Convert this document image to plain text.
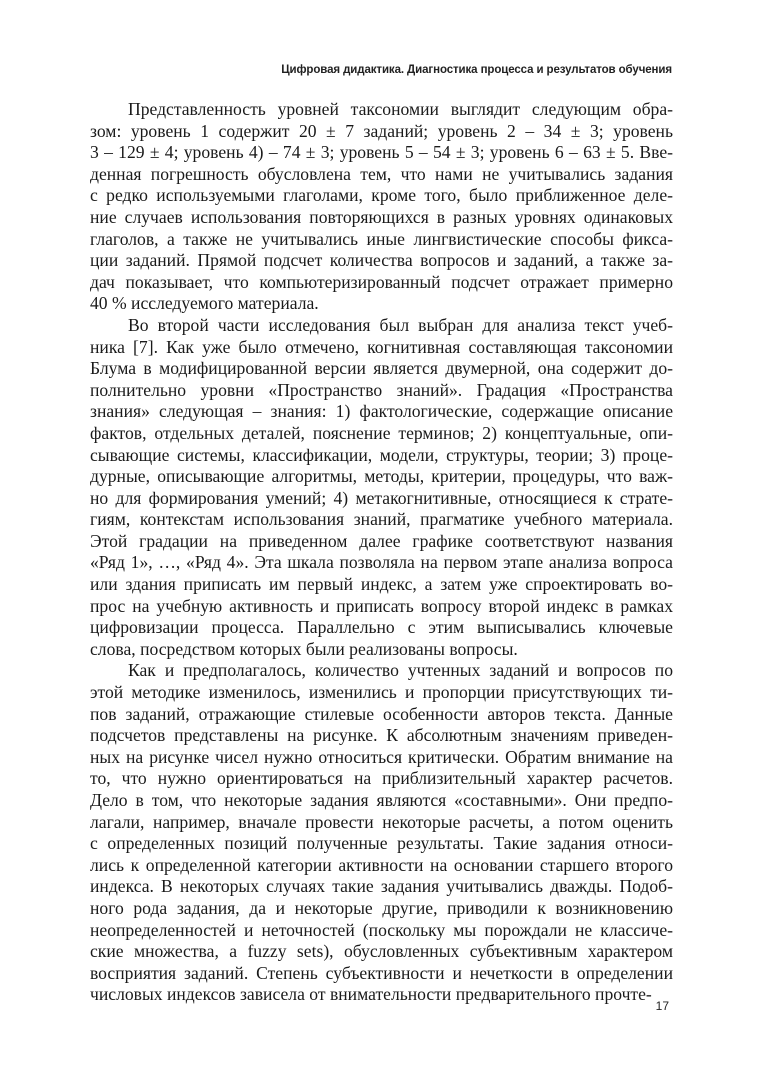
Цифровая дидактика. Диагностика процесса и результатов обучения
Представленность уровней таксономии выглядит следующим обра-
зом: уровень 1 содержит 20 ± 7 заданий; уровень 2 – 34 ± 3; уровень
3 – 129 ± 4; уровень 4) – 74 ± 3; уровень 5 – 54 ± 3; уровень 6 – 63 ± 5. Вве-
денная погрешность обусловлена тем, что нами не учитывались задания
с редко используемыми глаголами, кроме того, было приближенное деле-
ние случаев использования повторяющихся в разных уровнях одинаковых
глаголов, а также не учитывались иные лингвистические способы фикса-
ции заданий. Прямой подсчет количества вопросов и заданий, а также за-
дач показывает, что компьютеризированный подсчет отражает примерно
40 % исследуемого материала.
Во второй части исследования был выбран для анализа текст учеб-
ника [7]. Как уже было отмечено, когнитивная составляющая таксономии
Блума в модифицированной версии является двумерной, она содержит до-
полнительно уровни «Пространство знаний». Градация «Пространства
знания» следующая – знания: 1) фактологические, содержащие описание
фактов, отдельных деталей, пояснение терминов; 2) концептуальные, опи-
сывающие системы, классификации, модели, структуры, теории; 3) проце-
дурные, описывающие алгоритмы, методы, критерии, процедуры, что важ-
но для формирования умений; 4) метакогнитивные, относящиеся к страте-
гиям, контекстам использования знаний, прагматике учебного материала.
Этой градации на приведенном далее графике соответствуют названия
«Ряд 1», …, «Ряд 4». Эта шкала позволяла на первом этапе анализа вопроса
или здания приписать им первый индекс, а затем уже спроектировать во-
прос на учебную активность и приписать вопросу второй индекс в рамках
цифровизации процесса. Параллельно с этим выписывались ключевые
слова, посредством которых были реализованы вопросы.
Как и предполагалось, количество учтенных заданий и вопросов по
этой методике изменилось, изменились и пропорции присутствующих ти-
пов заданий, отражающие стилевые особенности авторов текста. Данные
подсчетов представлены на рисунке. К абсолютным значениям приведен-
ных на рисунке чисел нужно относиться критически. Обратим внимание на
то, что нужно ориентироваться на приблизительный характер расчетов.
Дело в том, что некоторые задания являются «составными». Они предпо-
лагали, например, вначале провести некоторые расчеты, а потом оценить
с определенных позиций полученные результаты. Такие задания относи-
лись к определенной категории активности на основании старшего второго
индекса. В некоторых случаях такие задания учитывались дважды. Подоб-
ного рода задания, да и некоторые другие, приводили к возникновению
неопределенностей и неточностей (поскольку мы порождали не классиче-
ские множества, а fuzzy sets), обусловленных субъективным характером
восприятия заданий. Степень субъективности и нечеткости в определении
числовых индексов зависела от внимательности предварительного прочте-
17
